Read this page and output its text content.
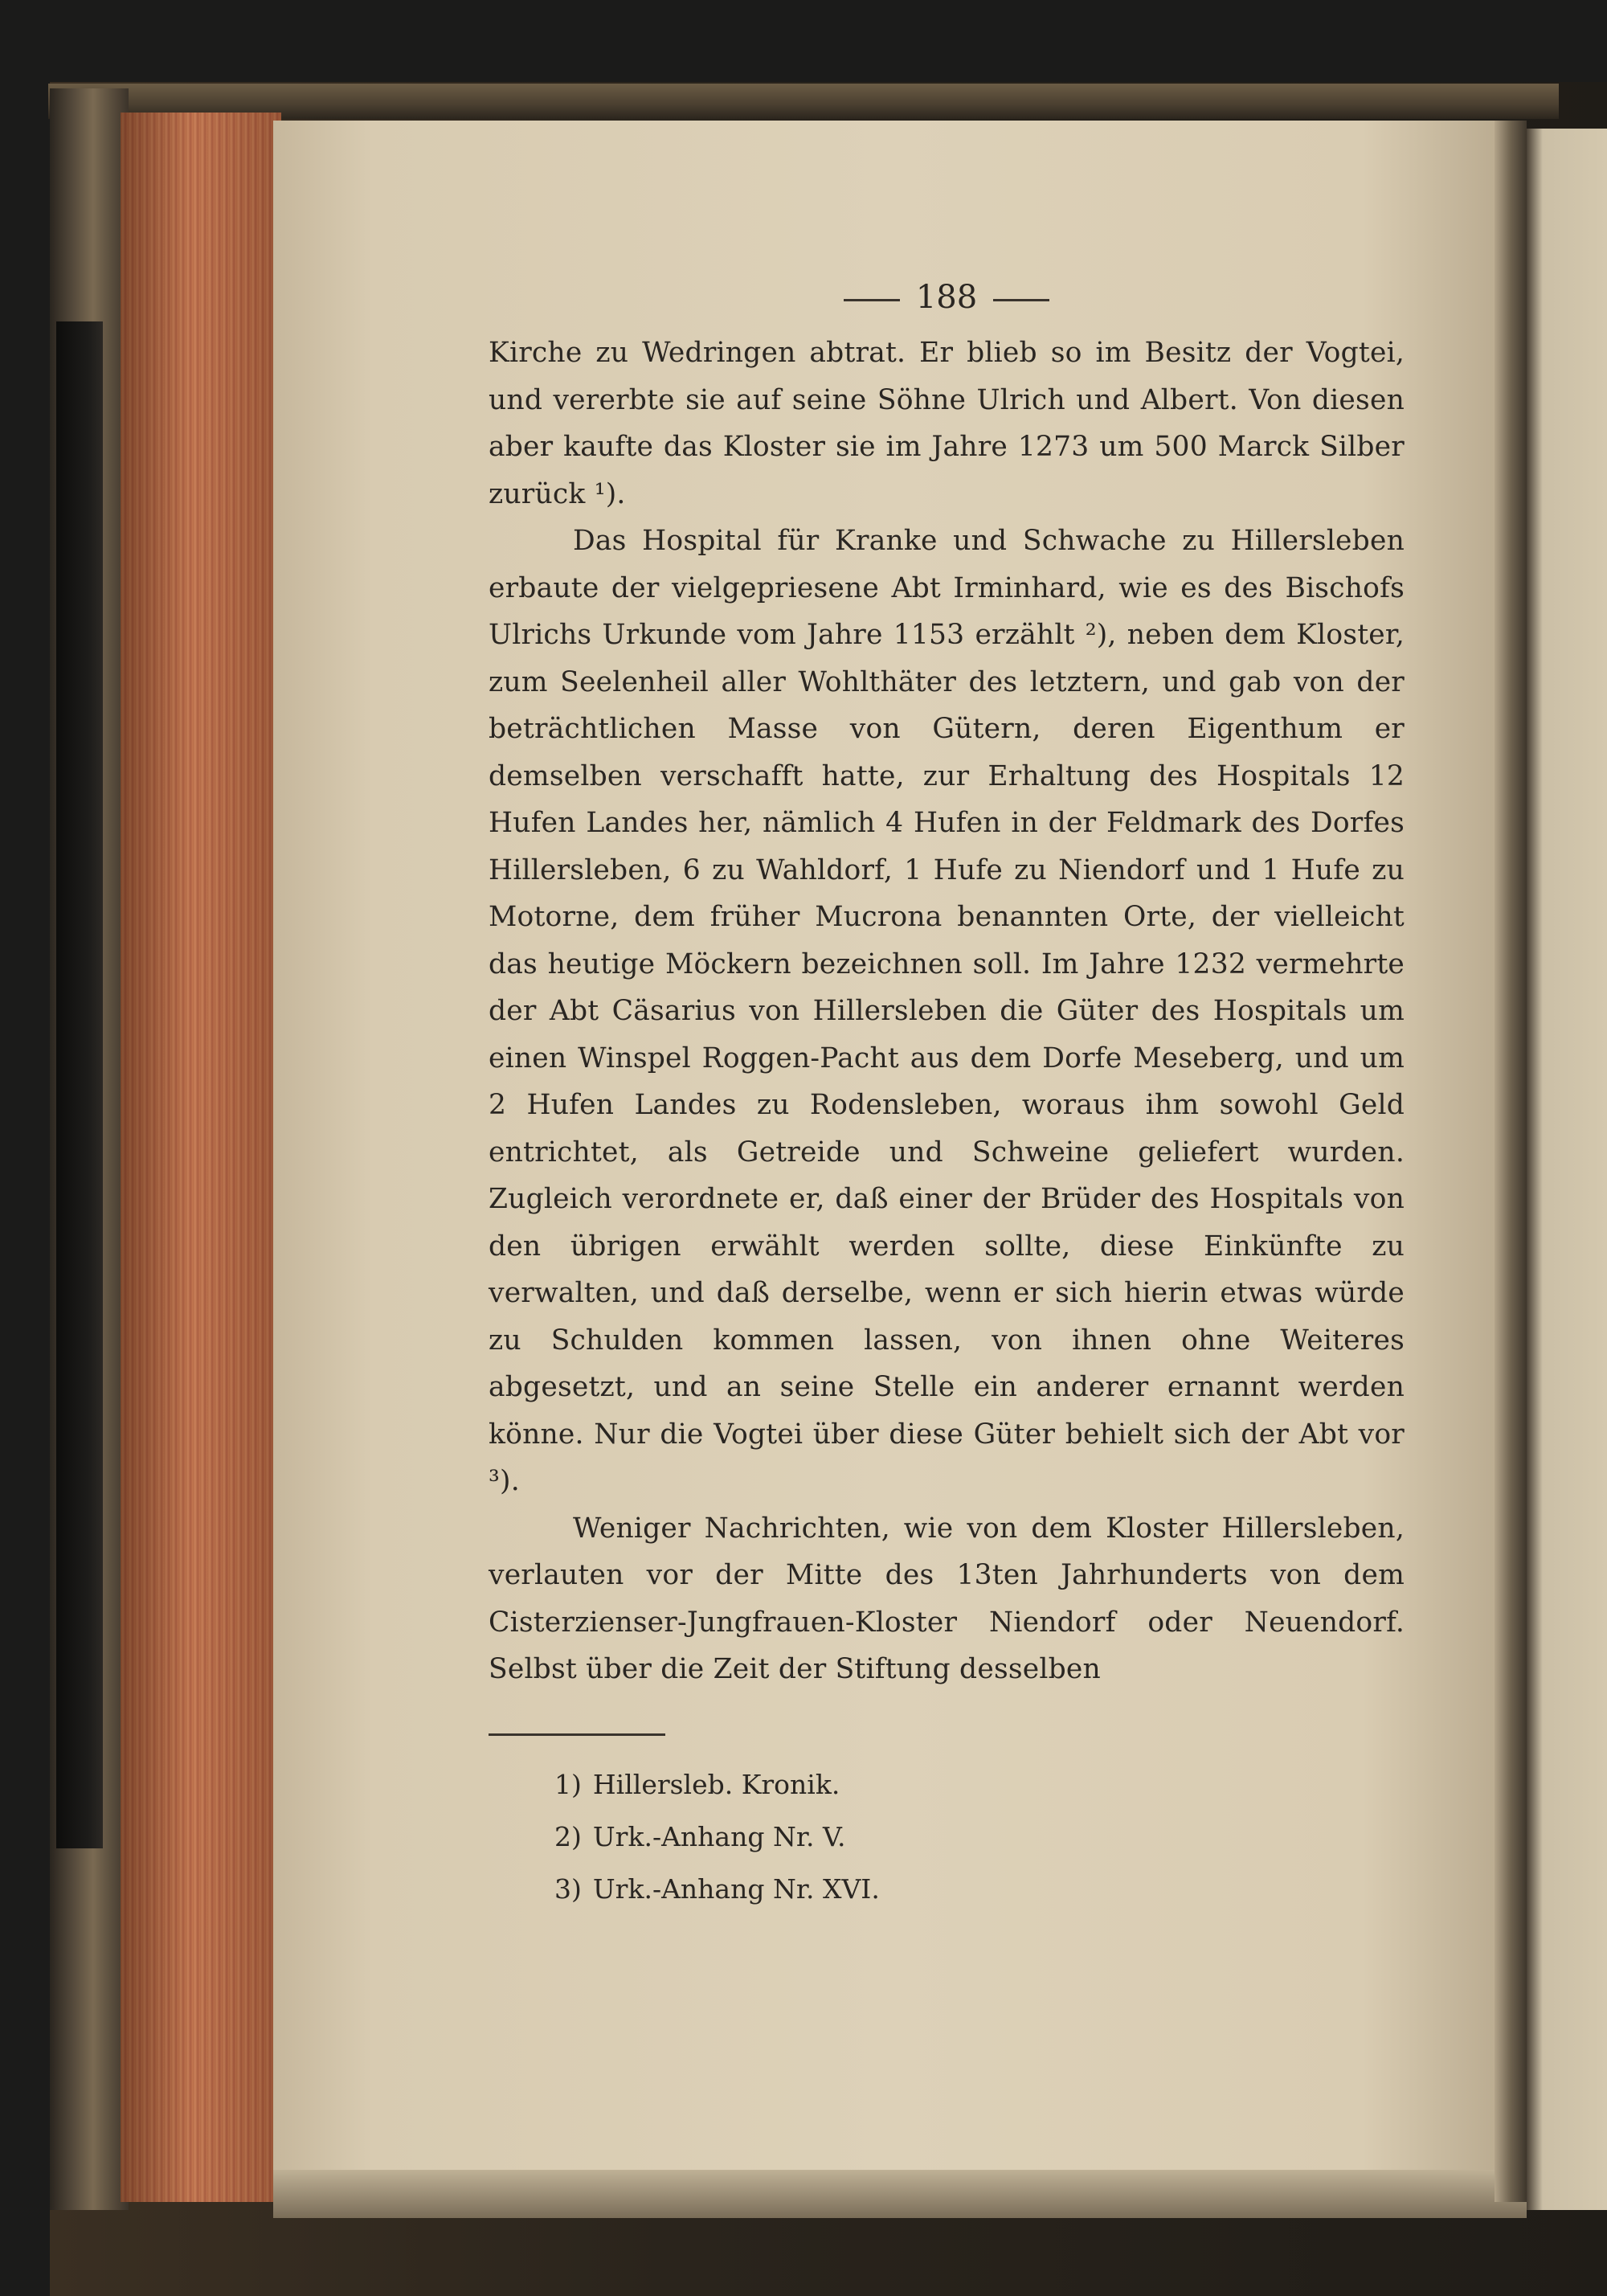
188

Kirche zu Wedringen abtrat. Er blieb so im Besitz der Vogtei, und vererbte sie auf seine Söhne Ulrich und Albert. Von diesen aber kaufte das Kloster sie im Jahre 1273 um 500 Marck Silber zurück ¹).

Das Hospital für Kranke und Schwache zu Hillersleben erbaute der vielgepriesene Abt Irminhard, wie es des Bischofs Ulrichs Urkunde vom Jahre 1153 erzählt ²), neben dem Kloster, zum Seelenheil aller Wohlthäter des letztern, und gab von der beträchtlichen Masse von Gütern, deren Eigenthum er demselben verschafft hatte, zur Erhaltung des Hospitals 12 Hufen Landes her, nämlich 4 Hufen in der Feldmark des Dorfes Hillersleben, 6 zu Wahldorf, 1 Hufe zu Niendorf und 1 Hufe zu Motorne, dem früher Mucrona benannten Orte, der vielleicht das heutige Möckern bezeichnen soll. Im Jahre 1232 vermehrte der Abt Cäsarius von Hillersleben die Güter des Hospitals um einen Winspel Roggen-Pacht aus dem Dorfe Meseberg, und um 2 Hufen Landes zu Rodensleben, woraus ihm sowohl Geld entrichtet, als Getreide und Schweine geliefert wurden. Zugleich verordnete er, daß einer der Brüder des Hospitals von den übrigen erwählt werden sollte, diese Einkünfte zu verwalten, und daß derselbe, wenn er sich hierin etwas würde zu Schulden kommen lassen, von ihnen ohne Weiteres abgesetzt, und an seine Stelle ein anderer ernannt werden könne. Nur die Vogtei über diese Güter behielt sich der Abt vor ³).

Weniger Nachrichten, wie von dem Kloster Hillersleben, verlauten vor der Mitte des 13ten Jahrhunderts von dem Cisterzienser-Jungfrauen-Kloster Niendorf oder Neuendorf. Selbst über die Zeit der Stiftung desselben

1) Hillersleb. Kronik.
2) Urk.-Anhang Nr. V.
3) Urk.-Anhang Nr. XVI.
